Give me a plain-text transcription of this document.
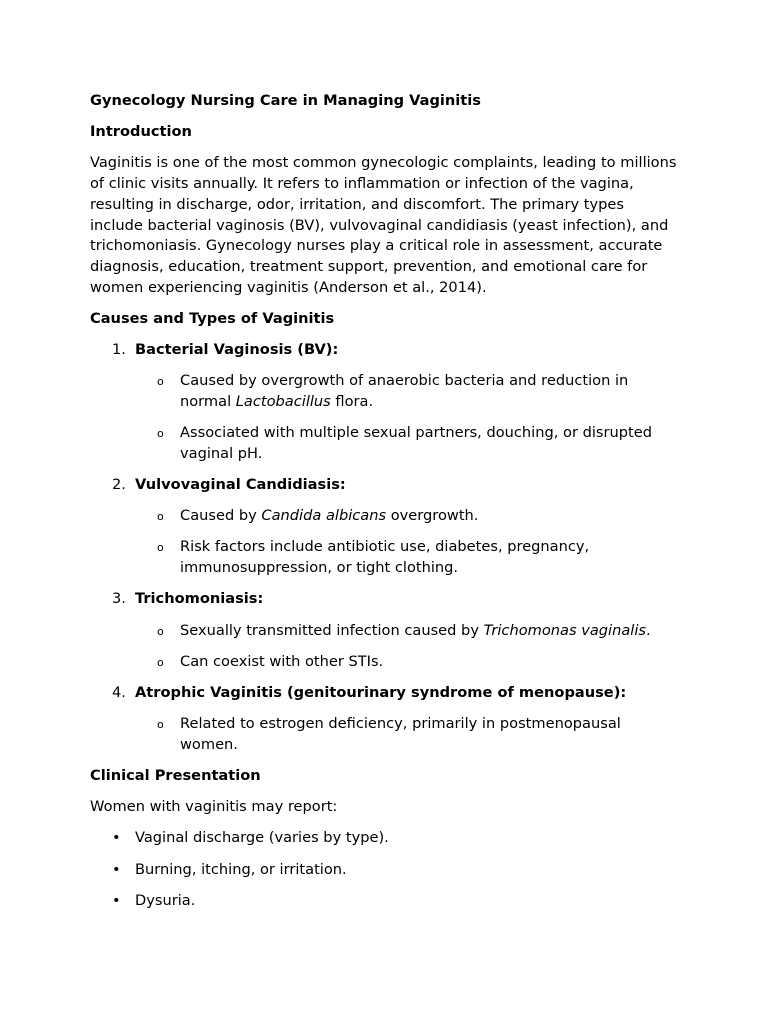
Gynecology Nursing Care in Managing Vaginitis

Introduction

Vaginitis is one of the most common gynecologic complaints, leading to millions of clinic visits annually. It refers to inflammation or infection of the vagina, resulting in discharge, odor, irritation, and discomfort. The primary types include bacterial vaginosis (BV), vulvovaginal candidiasis (yeast infection), and trichomoniasis. Gynecology nurses play a critical role in assessment, accurate diagnosis, education, treatment support, prevention, and emotional care for women experiencing vaginitis (Anderson et al., 2014).

Causes and Types of Vaginitis

1. Bacterial Vaginosis (BV):
o Caused by overgrowth of anaerobic bacteria and reduction in normal Lactobacillus flora.
o Associated with multiple sexual partners, douching, or disrupted vaginal pH.
2. Vulvovaginal Candidiasis:
o Caused by Candida albicans overgrowth.
o Risk factors include antibiotic use, diabetes, pregnancy, immunosuppression, or tight clothing.
3. Trichomoniasis:
o Sexually transmitted infection caused by Trichomonas vaginalis.
o Can coexist with other STIs.
4. Atrophic Vaginitis (genitourinary syndrome of menopause):
o Related to estrogen deficiency, primarily in postmenopausal women.

Clinical Presentation

Women with vaginitis may report:

• Vaginal discharge (varies by type).
• Burning, itching, or irritation.
• Dysuria.
